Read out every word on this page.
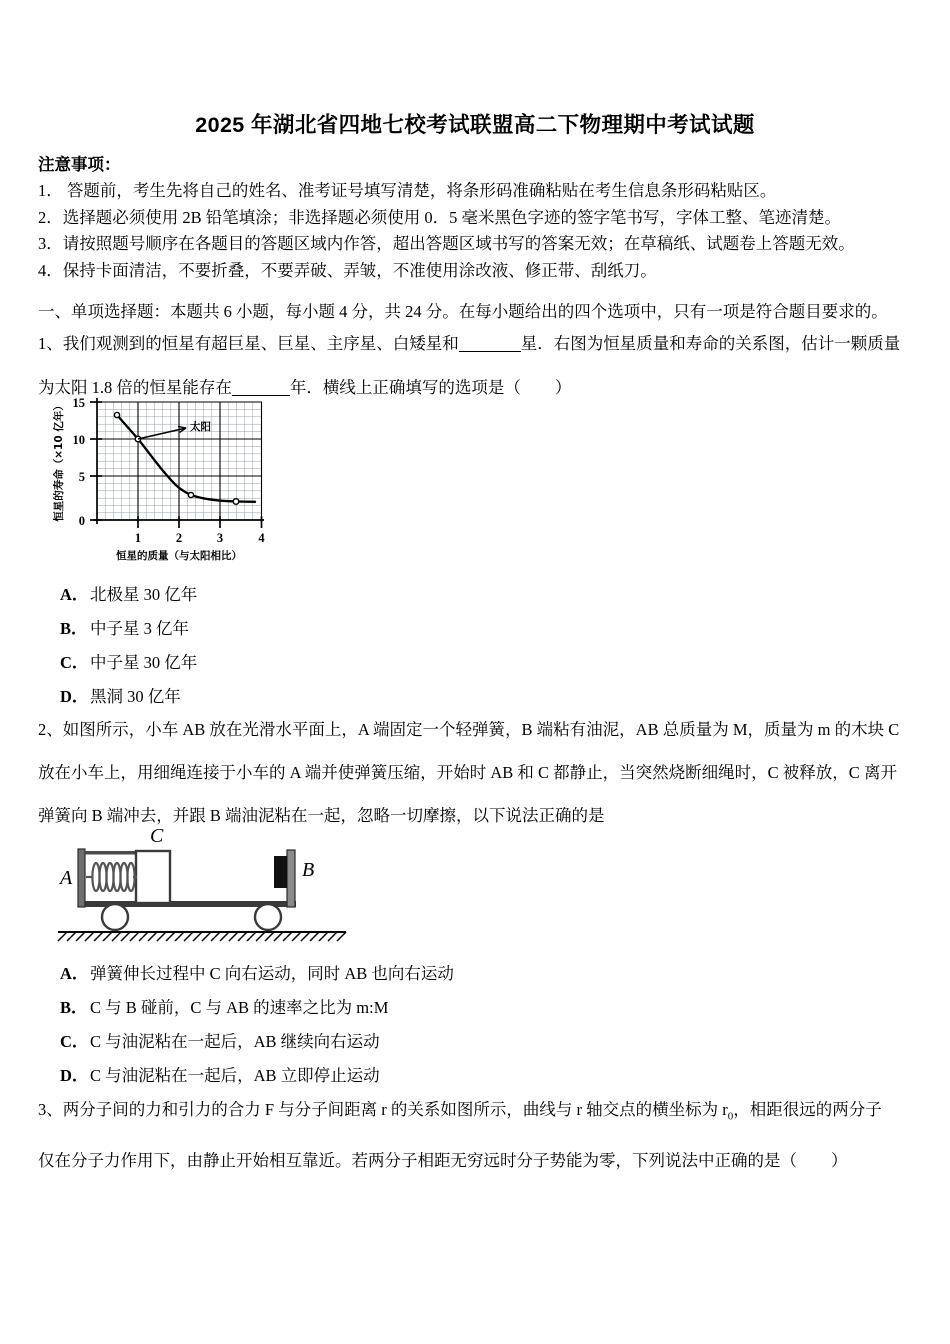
2025 年湖北省四地七校考试联盟高二下物理期中考试试题
注意事项：
1． 答题前，考生先将自己的姓名、准考证号填写清楚，将条形码准确粘贴在考生信息条形码粘贴区。
2．选择题必须使用 2B 铅笔填涂；非选择题必须使用 0．5 毫米黑色字迹的签字笔书写，字体工整、笔迹清楚。
3．请按照题号顺序在各题目的答题区域内作答，超出答题区域书写的答案无效；在草稿纸、试题卷上答题无效。
4．保持卡面清洁，不要折叠，不要弄破、弄皱，不准使用涂改液、修正带、刮纸刀。
一、单项选择题：本题共 6 小题，每小题 4 分，共 24 分。在每小题给出的四个选项中，只有一项是符合题目要求的。
1、我们观测到的恒星有超巨星、巨星、主序星、白矮星和	星．右图为恒星质量和寿命的关系图，估计一颗质量
为太阳 1.8 倍的恒星能存在	年．横线上正确填写的选项是（ ）
太阳
15
10
5
0
1	2	3	4
恒星的质量（与太阳相比）
恒星的寿命（×10 亿年）
A．北极星 30 亿年
B． 中子星 3 亿年
C．中子星 30 亿年
D．黑洞 30 亿年
2、如图所示，小车 AB 放在光滑水平面上，A 端固定一个轻弹簧，B 端粘有油泥，AB 总质量为 M，质量为 m 的木块 C
放在小车上，用细绳连接于小车的 A 端并使弹簧压缩，开始时 AB 和 C 都静止，当突然烧断细绳时，C 被释放，C 离开
弹簧向 B 端冲去，并跟 B 端油泥粘在一起，忽略一切摩擦，以下说法正确的是
A	B
C
A．弹簧伸长过程中 C 向右运动，同时 AB 也向右运动
B． C 与 B 碰前，C 与 AB 的速率之比为 m:M
C．C 与油泥粘在一起后，AB 继续向右运动
D．C 与油泥粘在一起后，AB 立即停止运动
3、两分子间的力和引力的合力 F 与分子间距离 r 的关系如图所示，曲线与 r 轴交点的横坐标为 $r_0$，相距很远的两分子
仅在分子力作用下，由静止开始相互靠近。若两分子相距无穷远时分子势能为零，下列说法中正确的是（ ）
